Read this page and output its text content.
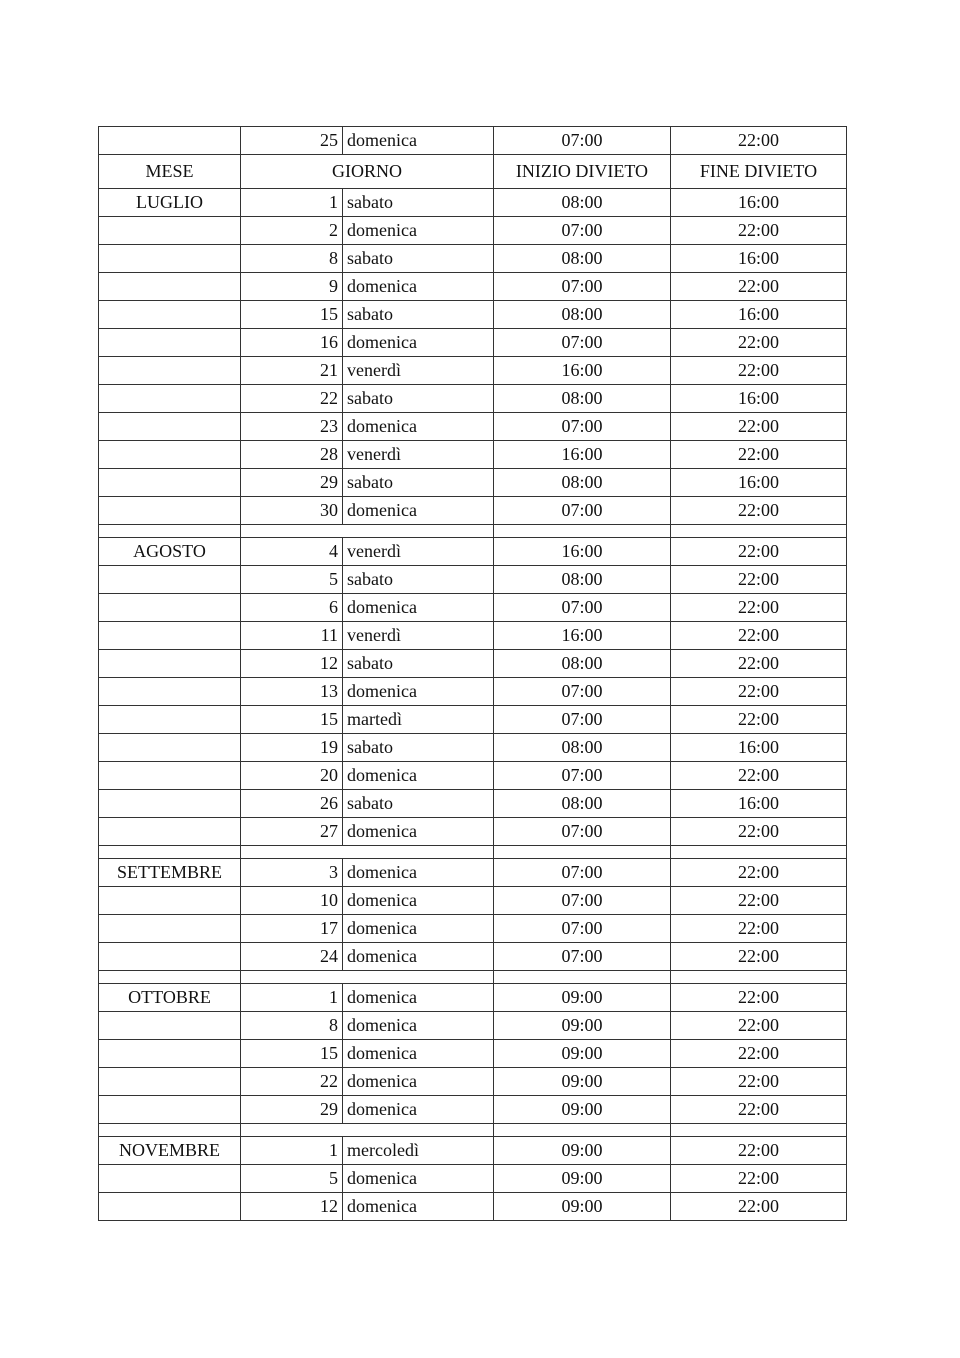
	25	domenica	07:00	22:00
MESE	GIORNO		INIZIO DIVIETO	FINE DIVIETO
LUGLIO	1	sabato	08:00	16:00
	2	domenica	07:00	22:00
	8	sabato	08:00	16:00
	9	domenica	07:00	22:00
	15	sabato	08:00	16:00
	16	domenica	07:00	22:00
	21	venerdì	16:00	22:00
	22	sabato	08:00	16:00
	23	domenica	07:00	22:00
	28	venerdì	16:00	22:00
	29	sabato	08:00	16:00
	30	domenica	07:00	22:00

AGOSTO	4	venerdì	16:00	22:00
	5	sabato	08:00	22:00
	6	domenica	07:00	22:00
	11	venerdì	16:00	22:00
	12	sabato	08:00	22:00
	13	domenica	07:00	22:00
	15	martedì	07:00	22:00
	19	sabato	08:00	16:00
	20	domenica	07:00	22:00
	26	sabato	08:00	16:00
	27	domenica	07:00	22:00

SETTEMBRE	3	domenica	07:00	22:00
	10	domenica	07:00	22:00
	17	domenica	07:00	22:00
	24	domenica	07:00	22:00

OTTOBRE	1	domenica	09:00	22:00
	8	domenica	09:00	22:00
	15	domenica	09:00	22:00
	22	domenica	09:00	22:00
	29	domenica	09:00	22:00

NOVEMBRE	1	mercoledì	09:00	22:00
	5	domenica	09:00	22:00
	12	domenica	09:00	22:00
